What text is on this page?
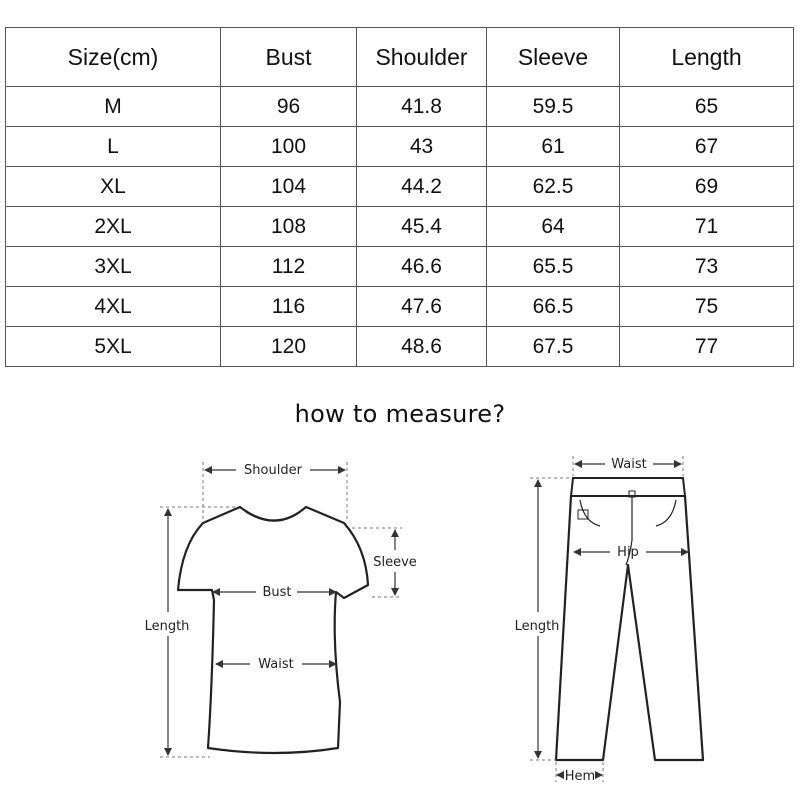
Size(cm)	Bust	Shoulder	Sleeve	Length
M	96	41.8	59.5	65
L	100	43	61	67
XL	104	44.2	62.5	69
2XL	108	45.4	64	71
3XL	112	46.6	65.5	73
4XL	116	47.6	66.5	75
5XL	120	48.6	67.5	77
how to measure?
Shoulder
Sleeve
Bust
Waist
Length
Waist
Hip
Length
Hem
